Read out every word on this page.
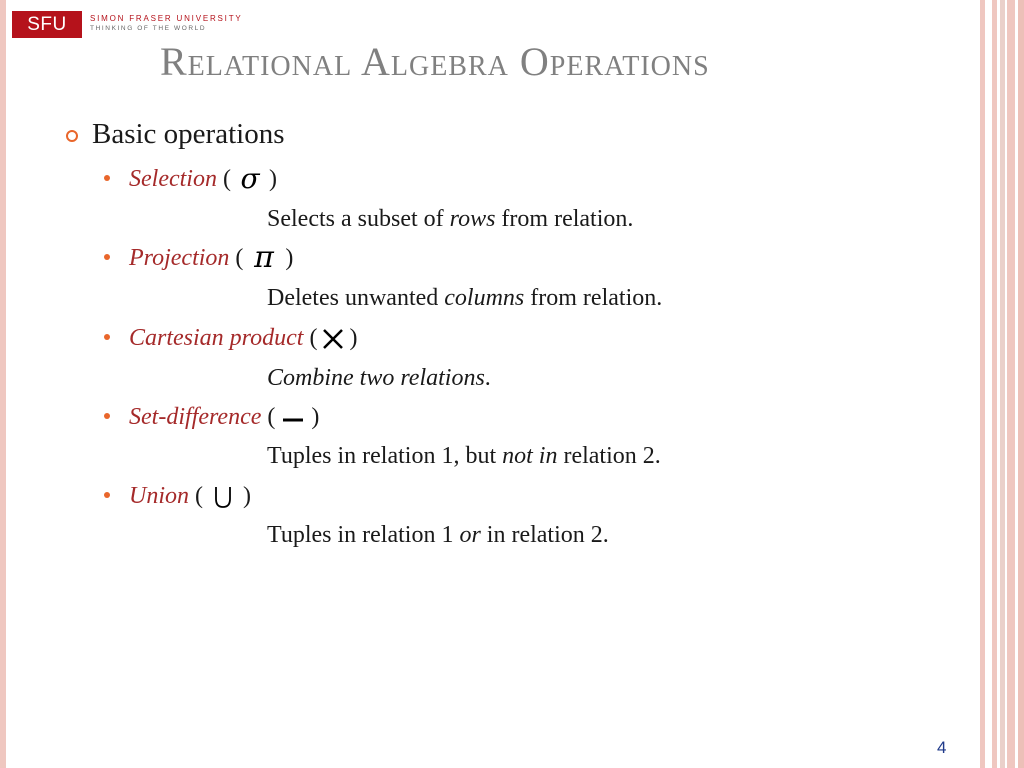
SFU	SIMON FRASER UNIVERSITY
THINKING OF THE WORLD
Relational Algebra Operations
Basic operations
Selection ( σ )
Selects a subset of rows from relation.
Projection ( π )
Deletes unwanted columns from relation.
Cartesian product ( )
Combine two relations.
Set-difference ( )
Tuples in relation 1, but not in relation 2.
Union ( )
Tuples in relation 1 or in relation 2.
4
